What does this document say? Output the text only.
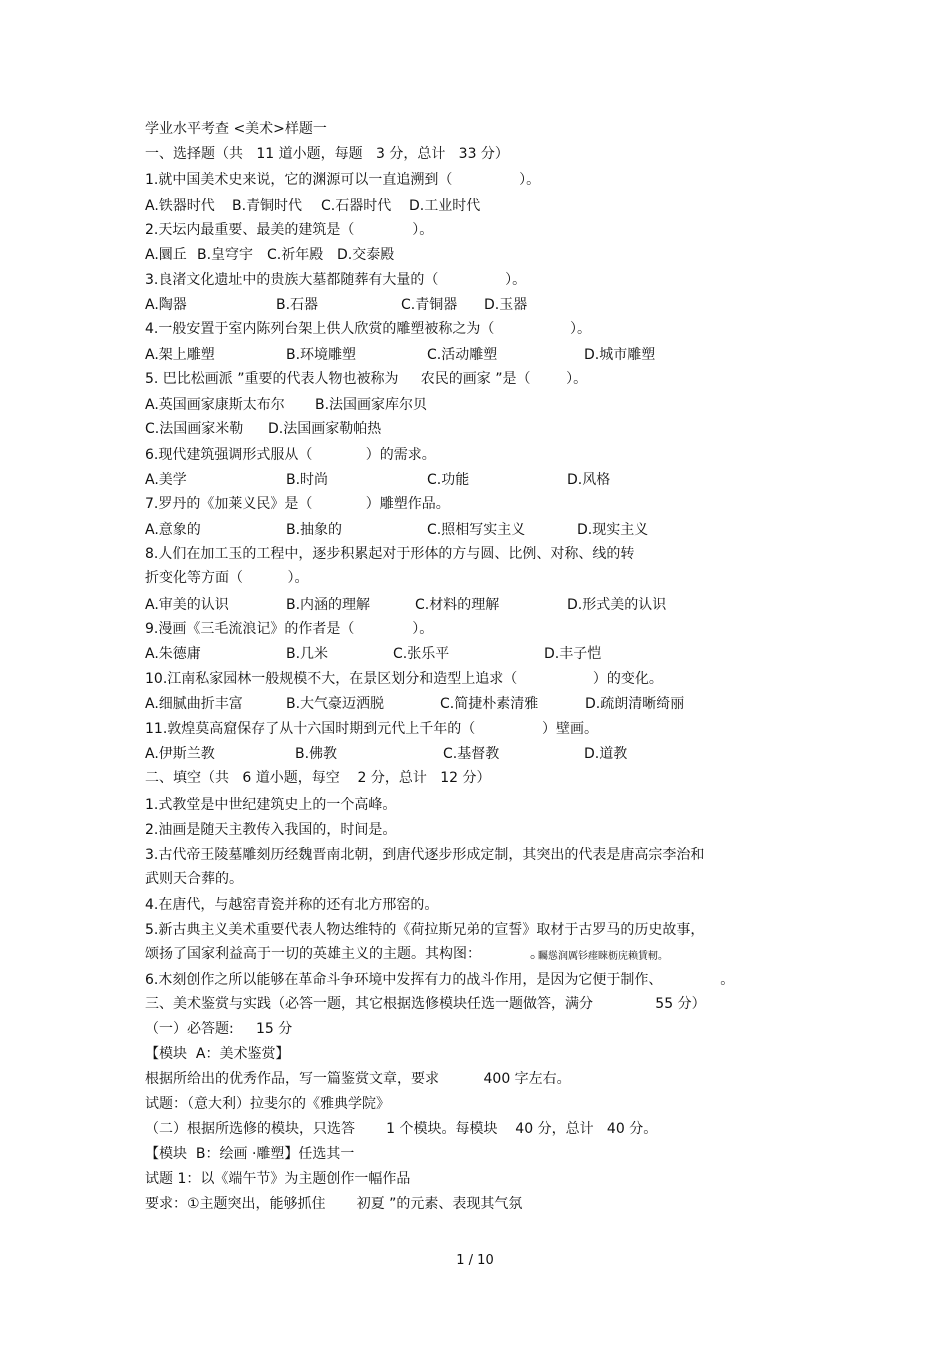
学业水平考查 <美术>样题一
一、选择题（共   11 道小题，每题   3 分，总计   33 分）
1.就中国美术史来说，它的渊源可以一直追溯到（               ）。
A.铁器时代 B.青铜时代 C.石器时代 D.工业时代
2.天坛内最重要、最美的建筑是（             ）。
A.圜丘 B.皇穹宇 C.祈年殿 D.交泰殿
3.良渚文化遗址中的贵族大墓都随葬有大量的（               ）。
A.陶器	B.石器	C.青铜器 D.玉器
4.一般安置于室内陈列台架上供人欣赏的雕塑被称之为（                 ）。
A.架上雕塑	B.环境雕塑	C.活动雕塑	D.城市雕塑
5. 巴比松画派 ”重要的代表人物也被称为     农民的画家 ”是（        ）。
A.英国画家康斯太布尔 B.法国画家库尔贝
C.法国画家米勒 D.法国画家勒帕热
6.现代建筑强调形式服从（            ）的需求。
A.美学	B.时尚	C.功能	D.风格
7.罗丹的《加莱义民》是（            ）雕塑作品。
A.意象的	B.抽象的	C.照相写实主义	D.现实主义
8.人们在加工玉的工程中，逐步积累起对于形体的方与圆、比例、对称、线的转
折变化等方面（          ）。
A.审美的认识	B.内涵的理解	C.材料的理解	D.形式美的认识
9.漫画《三毛流浪记》的作者是（             ）。
A.朱德庸	B.几米	C.张乐平	D.丰子恺
10.江南私家园林一般规模不大，在景区划分和造型上追求（                 ）的变化。
A.细腻曲折丰富	B.大气豪迈洒脱	C.简捷朴素清雅	D.疏朗清晰绮丽
11.敦煌莫高窟保存了从十六国时期到元代上千年的（               ）壁画。
A.伊斯兰教	B.佛教	C.基督教	D.道教
二、填空（共   6 道小题，每空    2 分，总计   12 分）
1.式教堂是中世纪建筑史上的一个高峰。
2.油画是随天主教传入我国的，时间是。
3.古代帝王陵墓雕刻历经魏晋南北朝，到唐代逐步形成定制，其突出的代表是唐高宗李治和
武则天合葬的。
4.在唐代，与越窑青瓷并称的还有北方邢窑的。
5.新古典主义美术重要代表人物达维特的《荷拉斯兄弟的宣誓》取材于古罗马的历史故事，
颂扬了国家利益高于一切的英雄主义的主题。其构图：           。
矚慫润厲钐瘗睞枥庑赖賃軔。
6.木刻创作之所以能够在革命斗争环境中发挥有力的战斗作用，是因为它便于制作、             。
三、美术鉴赏与实践（必答一题，其它根据选修模块任选一题做答，满分              55 分）
（一）必答题:     15 分
【模块  A：美术鉴赏】
根据所给出的优秀作品，写一篇鉴赏文章，要求          400 字左右。
试题：（意大利）拉斐尔的《雅典学院》
（二）根据所选修的模块，只选答       1 个模块。每模块    40 分，总计   40 分。
【模块  B：绘画 ·雕塑】任选其一
试题 1：以《端午节》为主题创作一幅作品
要求：①主题突出，能够抓住       初夏 ”的元素、表现其气氛
1 / 10
